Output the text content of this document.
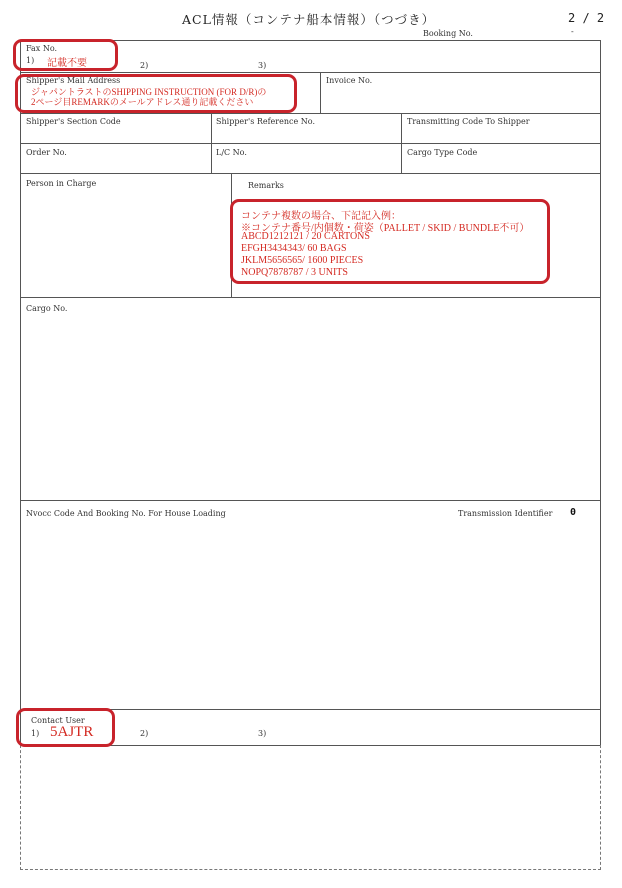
ACL情報（コンテナ船本情報）（つづき）	2 / 2
Booking No.	-
Fax No.
1) 記載不要	2)	3)
Shipper's Mail Address
ジャパントラストのSHIPPING INSTRUCTION (FOR D/R)の
2ページ目REMARKのメールアドレス通り記載ください
Invoice No.
Shipper's Section Code	Shipper's Reference No.	Transmitting Code To Shipper
Order No.	L/C No.	Cargo Type Code
Person in Charge	Remarks
コンテナ複数の場合、下記記入例：
※コンテナ番号/内個数・荷姿（PALLET / SKID / BUNDLE不可）
ABCD1212121 / 20 CARTONS
EFGH3434343/ 60 BAGS
JKLM5656565/ 1600 PIECES
NOPQ7878787 / 3 UNITS
Cargo No.
Nvocc Code And Booking No. For House Loading	Transmission Identifier 0
Contact User
1) 5AJTR	2)	3)
